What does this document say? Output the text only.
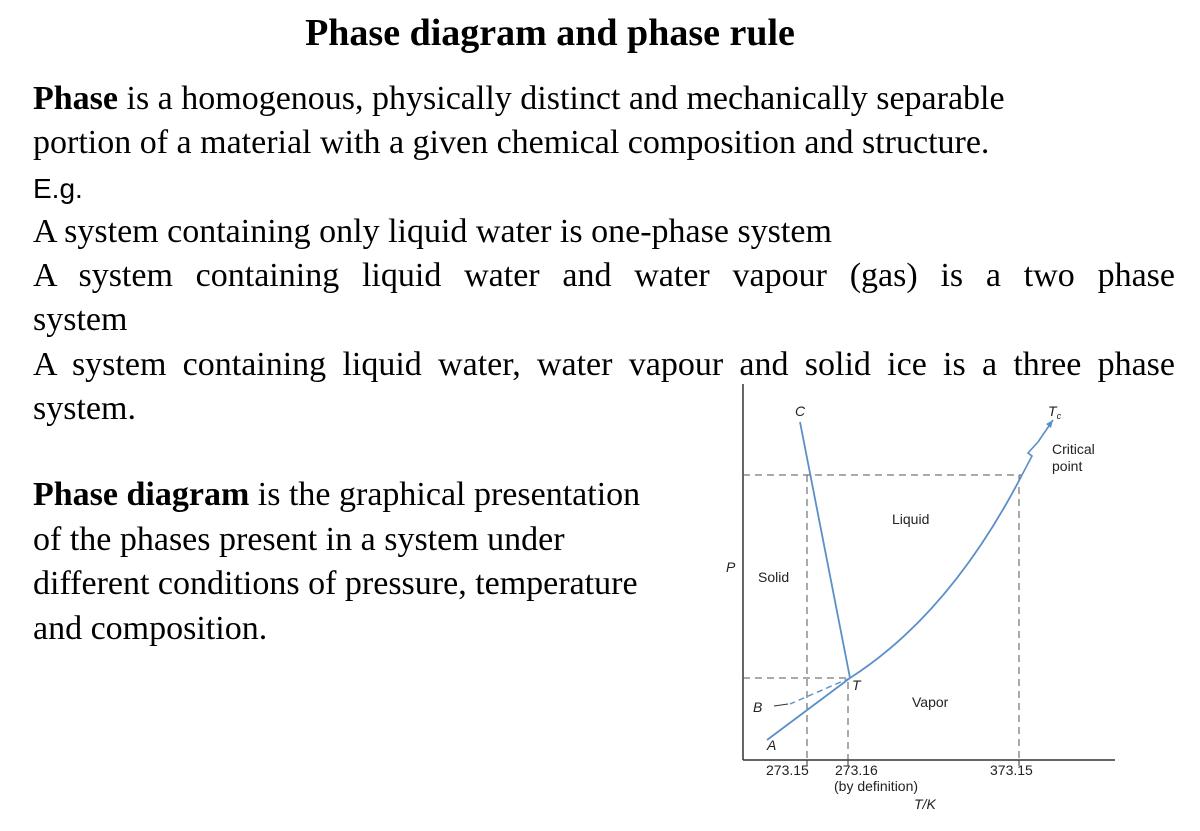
Phase diagram and phase rule
Phase is a homogenous, physically distinct and mechanically separable
portion of a material with a given chemical composition and structure.
E.g.
A system containing only liquid water is one-phase system
A system containing liquid water and water vapour (gas) is a two phase
system
A system containing liquid water, water vapour and solid ice is a three phase
system.
Phase diagram is the graphical presentation
of the phases present in a system under
different conditions of pressure, temperature
and composition.
P
Solid
Liquid
Vapor
Critical
point
$T_c$
C
T
B
A
273.15 273.16
(by definition)
373.15
T/K
